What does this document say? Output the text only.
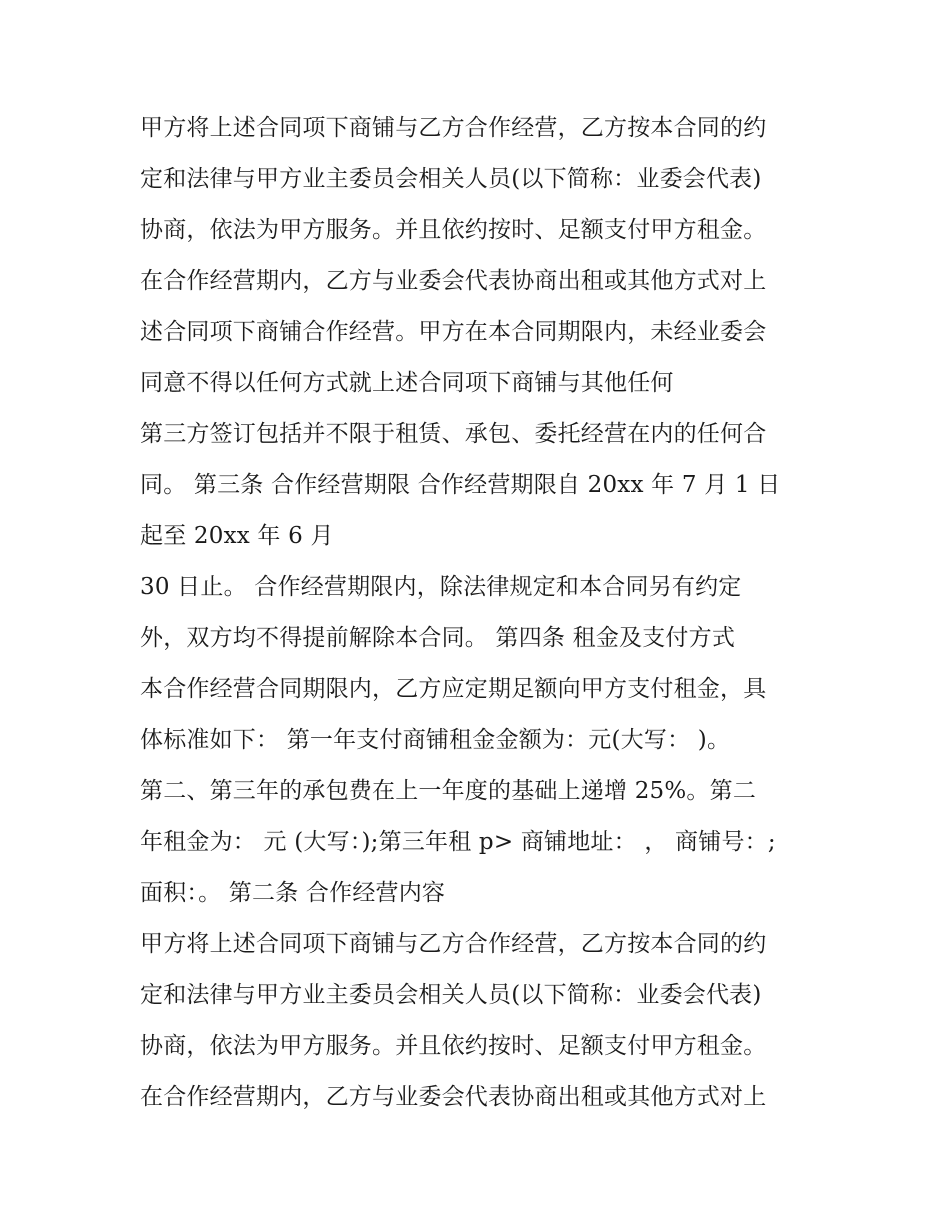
甲方将上述合同项下商铺与乙方合作经营，乙方按本合同的约
定和法律与甲方业主委员会相关人员(以下简称：业委会代表)
协商，依法为甲方服务。并且依约按时、足额支付甲方租金。
在合作经营期内，乙方与业委会代表协商出租或其他方式对上
述合同项下商铺合作经营。甲方在本合同期限内，未经业委会
同意不得以任何方式就上述合同项下商铺与其他任何
第三方签订包括并不限于租赁、承包、委托经营在内的任何合
同。 第三条 合作经营期限 合作经营期限自 20xx 年 7 月 1 日
起至 20xx 年 6 月
30 日止。 合作经营期限内，除法律规定和本合同另有约定
外，双方均不得提前解除本合同。 第四条 租金及支付方式
本合作经营合同期限内，乙方应定期足额向甲方支付租金，具
体标准如下： 第一年支付商铺租金金额为：元(大写： )。
第二、第三年的承包费在上一年度的基础上递增 25%。第二
年租金为： 元 (大写：);第三年租 p> 商铺地址： ， 商铺号：;
面积：。 第二条 合作经营内容
甲方将上述合同项下商铺与乙方合作经营，乙方按本合同的约
定和法律与甲方业主委员会相关人员(以下简称：业委会代表)
协商，依法为甲方服务。并且依约按时、足额支付甲方租金。
在合作经营期内，乙方与业委会代表协商出租或其他方式对上
